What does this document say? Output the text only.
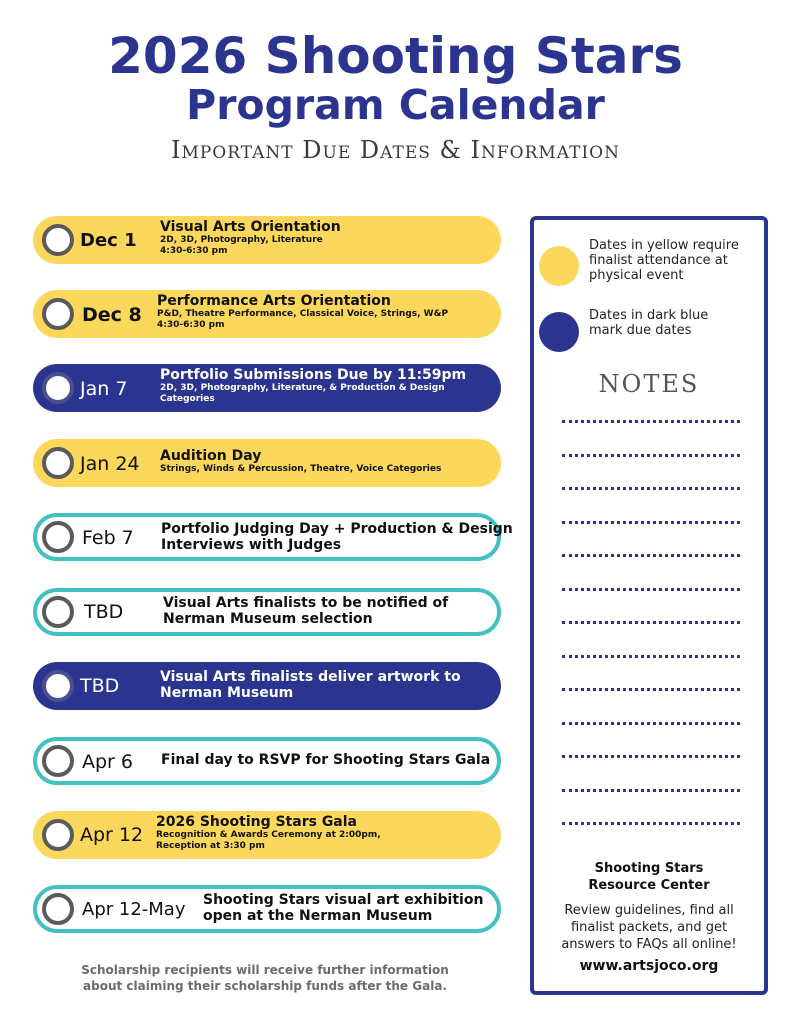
2026 Shooting Stars
Program Calendar
Important Due Dates & Information
Dec 1
Visual Arts Orientation
2D, 3D, Photography, Literature
4:30-6:30 pm
Dec 8
Performance Arts Orientation
P&D, Theatre Performance, Classical Voice, Strings, W&P
4:30-6:30 pm
Jan 7
Portfolio Submissions Due by 11:59pm
2D, 3D, Photography, Literature, & Production & Design
Categories
Jan 24 Audition Day
Strings, Winds & Percussion, Theatre, Voice Categories
Feb 7 Portfolio Judging Day + Production & Design
Interviews with Judges
TBD	Visual Arts finalists to be notified of
Nerman Museum selection
TBD	Visual Arts finalists deliver artwork to
Nerman Museum
Apr 6 Final day to RSVP for Shooting Stars Gala
Apr 12
2026 Shooting Stars Gala
Recognition & Awards Ceremony at 2:00pm,
Reception at 3:30 pm
Apr 12-May Shooting Stars visual art exhibition
open at the Nerman Museum
Scholarship recipients will receive further information
about claiming their scholarship funds after the Gala.
Dates in yellow require
finalist attendance at
physical event
Dates in dark blue
mark due dates
NOTES
Shooting Stars
Resource Center
Review guidelines, find all
finalist packets, and get
answers to FAQs all online!
www.artsjoco.org
